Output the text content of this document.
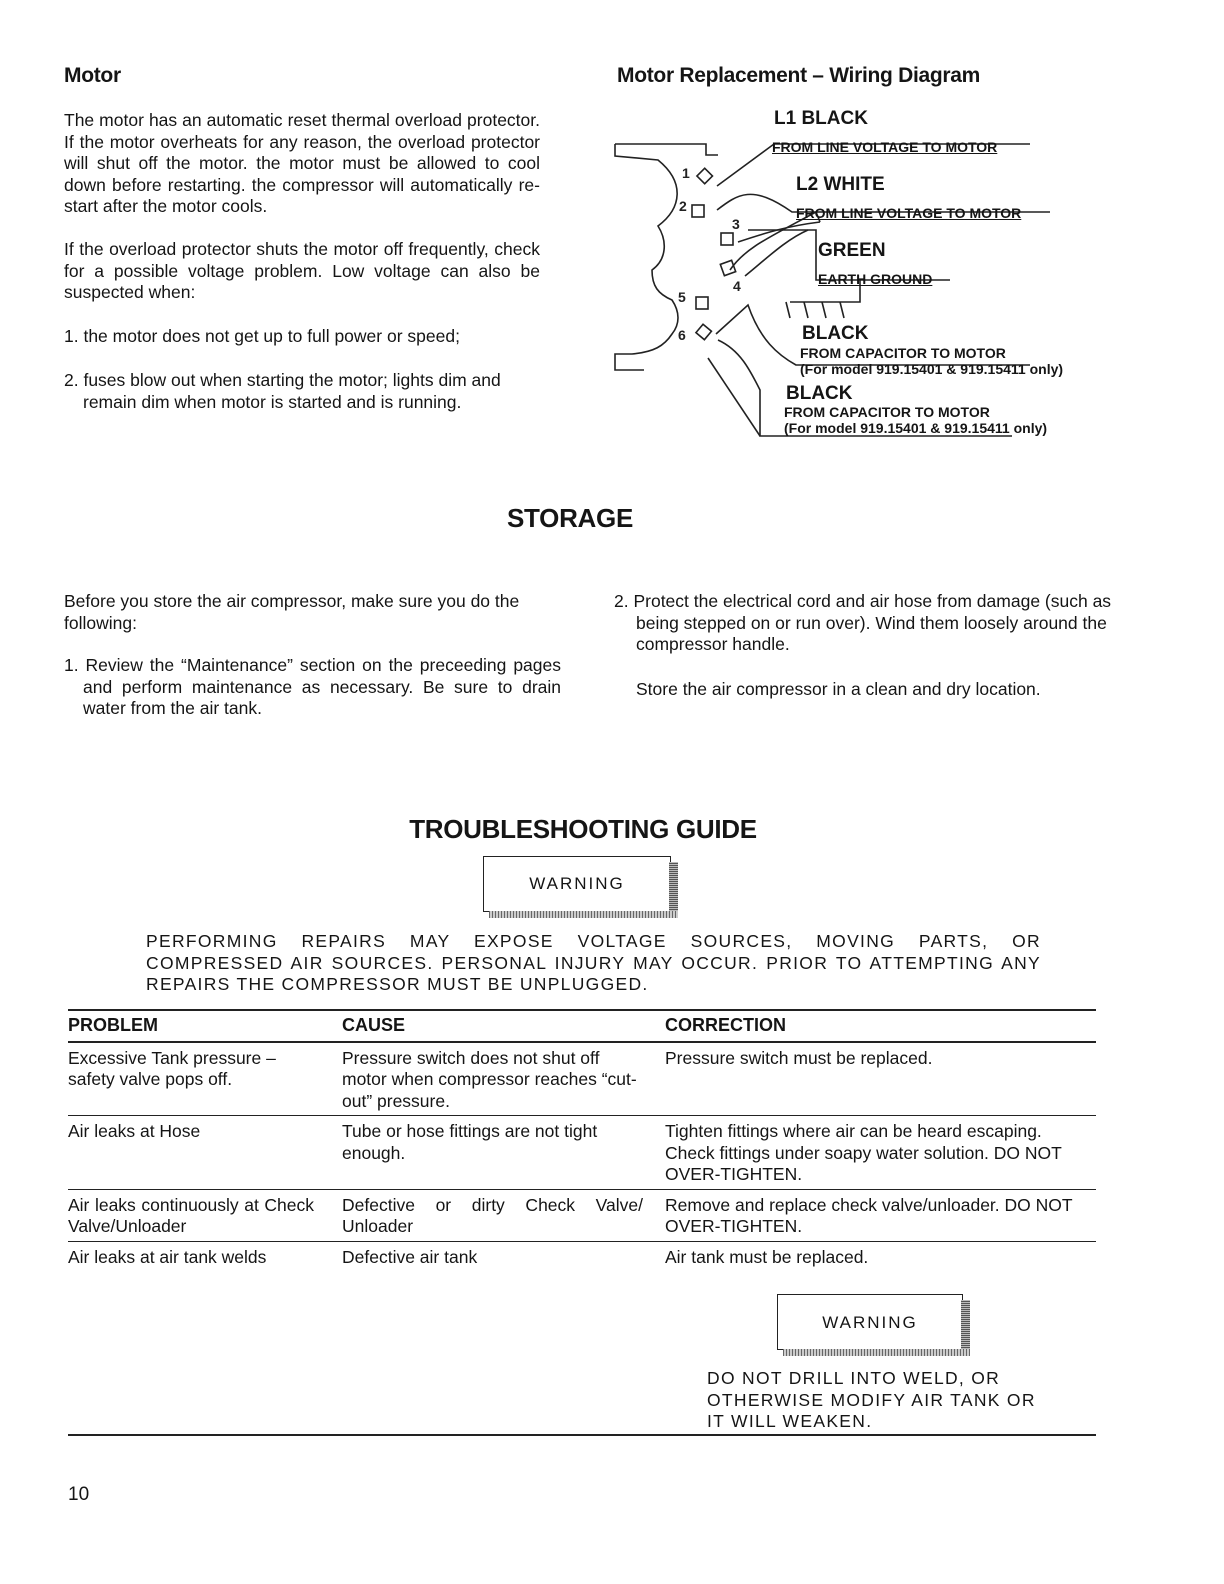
Motor
The motor has an automatic reset thermal overload protector. If the motor overheats for any reason, the overload protector will shut off the motor. the motor must be allowed to cool down before restarting. the compressor will automatically re-start after the motor cools.
If the overload protector shuts the motor off frequently, check for a possible voltage problem. Low voltage can also be suspected when:
1. the motor does not get up to full power or speed;
2. fuses blow out when starting the motor; lights dim and remain dim when motor is started and is running.
Motor Replacement – Wiring Diagram
1
2
3
4
5
6
L1 BLACK
FROM LINE VOLTAGE TO MOTOR
L2 WHITE
FROM LINE VOLTAGE TO MOTOR
GREEN
EARTH GROUND
BLACK
FROM CAPACITOR TO MOTOR
(For model 919.15401 & 919.15411 only)
BLACK
FROM CAPACITOR TO MOTOR
(For model 919.15401 & 919.15411 only)
STORAGE
Before you store the air compressor, make sure you do the following:
1. Review the “Maintenance” section on the preceeding pages and perform maintenance as necessary. Be sure to drain water from the air tank.
2. Protect the electrical cord and air hose from damage (such as being stepped on or run over). Wind them loosely around the compressor handle.
Store the air compressor in a clean and dry location.
TROUBLESHOOTING GUIDE
WARNING
PERFORMING REPAIRS MAY EXPOSE VOLTAGE SOURCES, MOVING PARTS, OR COMPRESSED AIR SOURCES. PERSONAL INJURY MAY OCCUR. PRIOR TO ATTEMPTING ANY REPAIRS THE COMPRESSOR MUST BE UNPLUGGED.
PROBLEM	CAUSE	CORRECTION
Excessive Tank pressure – safety valve pops off.	Pressure switch does not shut off motor when compressor reaches “cut-out” pressure.	Pressure switch must be replaced.
Air leaks at Hose	Tube or hose fittings are not tight enough.	Tighten fittings where air can be heard escaping. Check fittings under soapy water solution. DO NOT OVER-TIGHTEN.
Air leaks continuously at Check Valve/Unloader	Defective or dirty Check Valve/ Unloader	Remove and replace check valve/unloader. DO NOT OVER-TIGHTEN.
Air leaks at air tank welds	Defective air tank	Air tank must be replaced.
WARNING
DO NOT DRILL INTO WELD, OR OTHERWISE MODIFY AIR TANK OR IT WILL WEAKEN.
10
